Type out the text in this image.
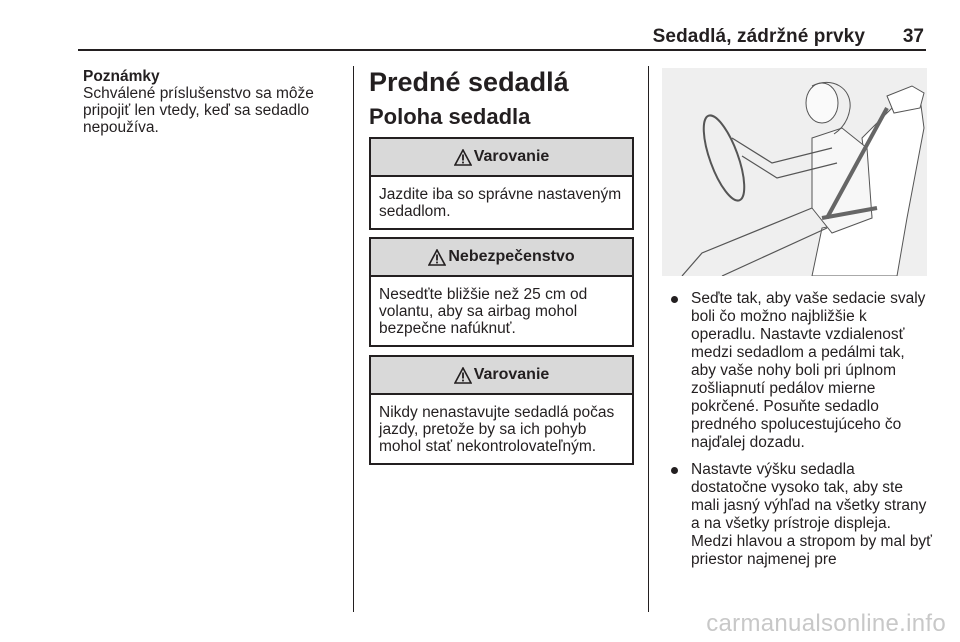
Sedadlá, zádržné prvky 37
Poznámky
Schválené príslušenstvo sa môže pripojiť len vtedy, keď sa sedadlo nepoužíva.
Predné sedadlá
Poloha sedadla
Varovanie
Jazdite iba so správne nastaveným sedadlom.
Nebezpečenstvo
Nesedťte bližšie než 25 cm od volantu, aby sa airbag mohol bezpečne nafúknuť.
Varovanie
Nikdy nenastavujte sedadlá počas jazdy, pretože by sa ich pohyb mohol stať nekontrolovateľným.
Seďte tak, aby vaše sedacie svaly boli čo možno najbližšie k operadlu. Nastavte vzdialenosť medzi sedadlom a pedálmi tak, aby vaše nohy boli pri úplnom zošliapnutí pedálov mierne pokrčené. Posuňte sedadlo predného spolucestujúceho čo najďalej dozadu.
Nastavte výšku sedadla dostatočne vysoko tak, aby ste mali jasný výhľad na všetky strany a na všetky prístroje displeja. Medzi hlavou a stropom by mal byť priestor najmenej pre
carmanualsonline.info
